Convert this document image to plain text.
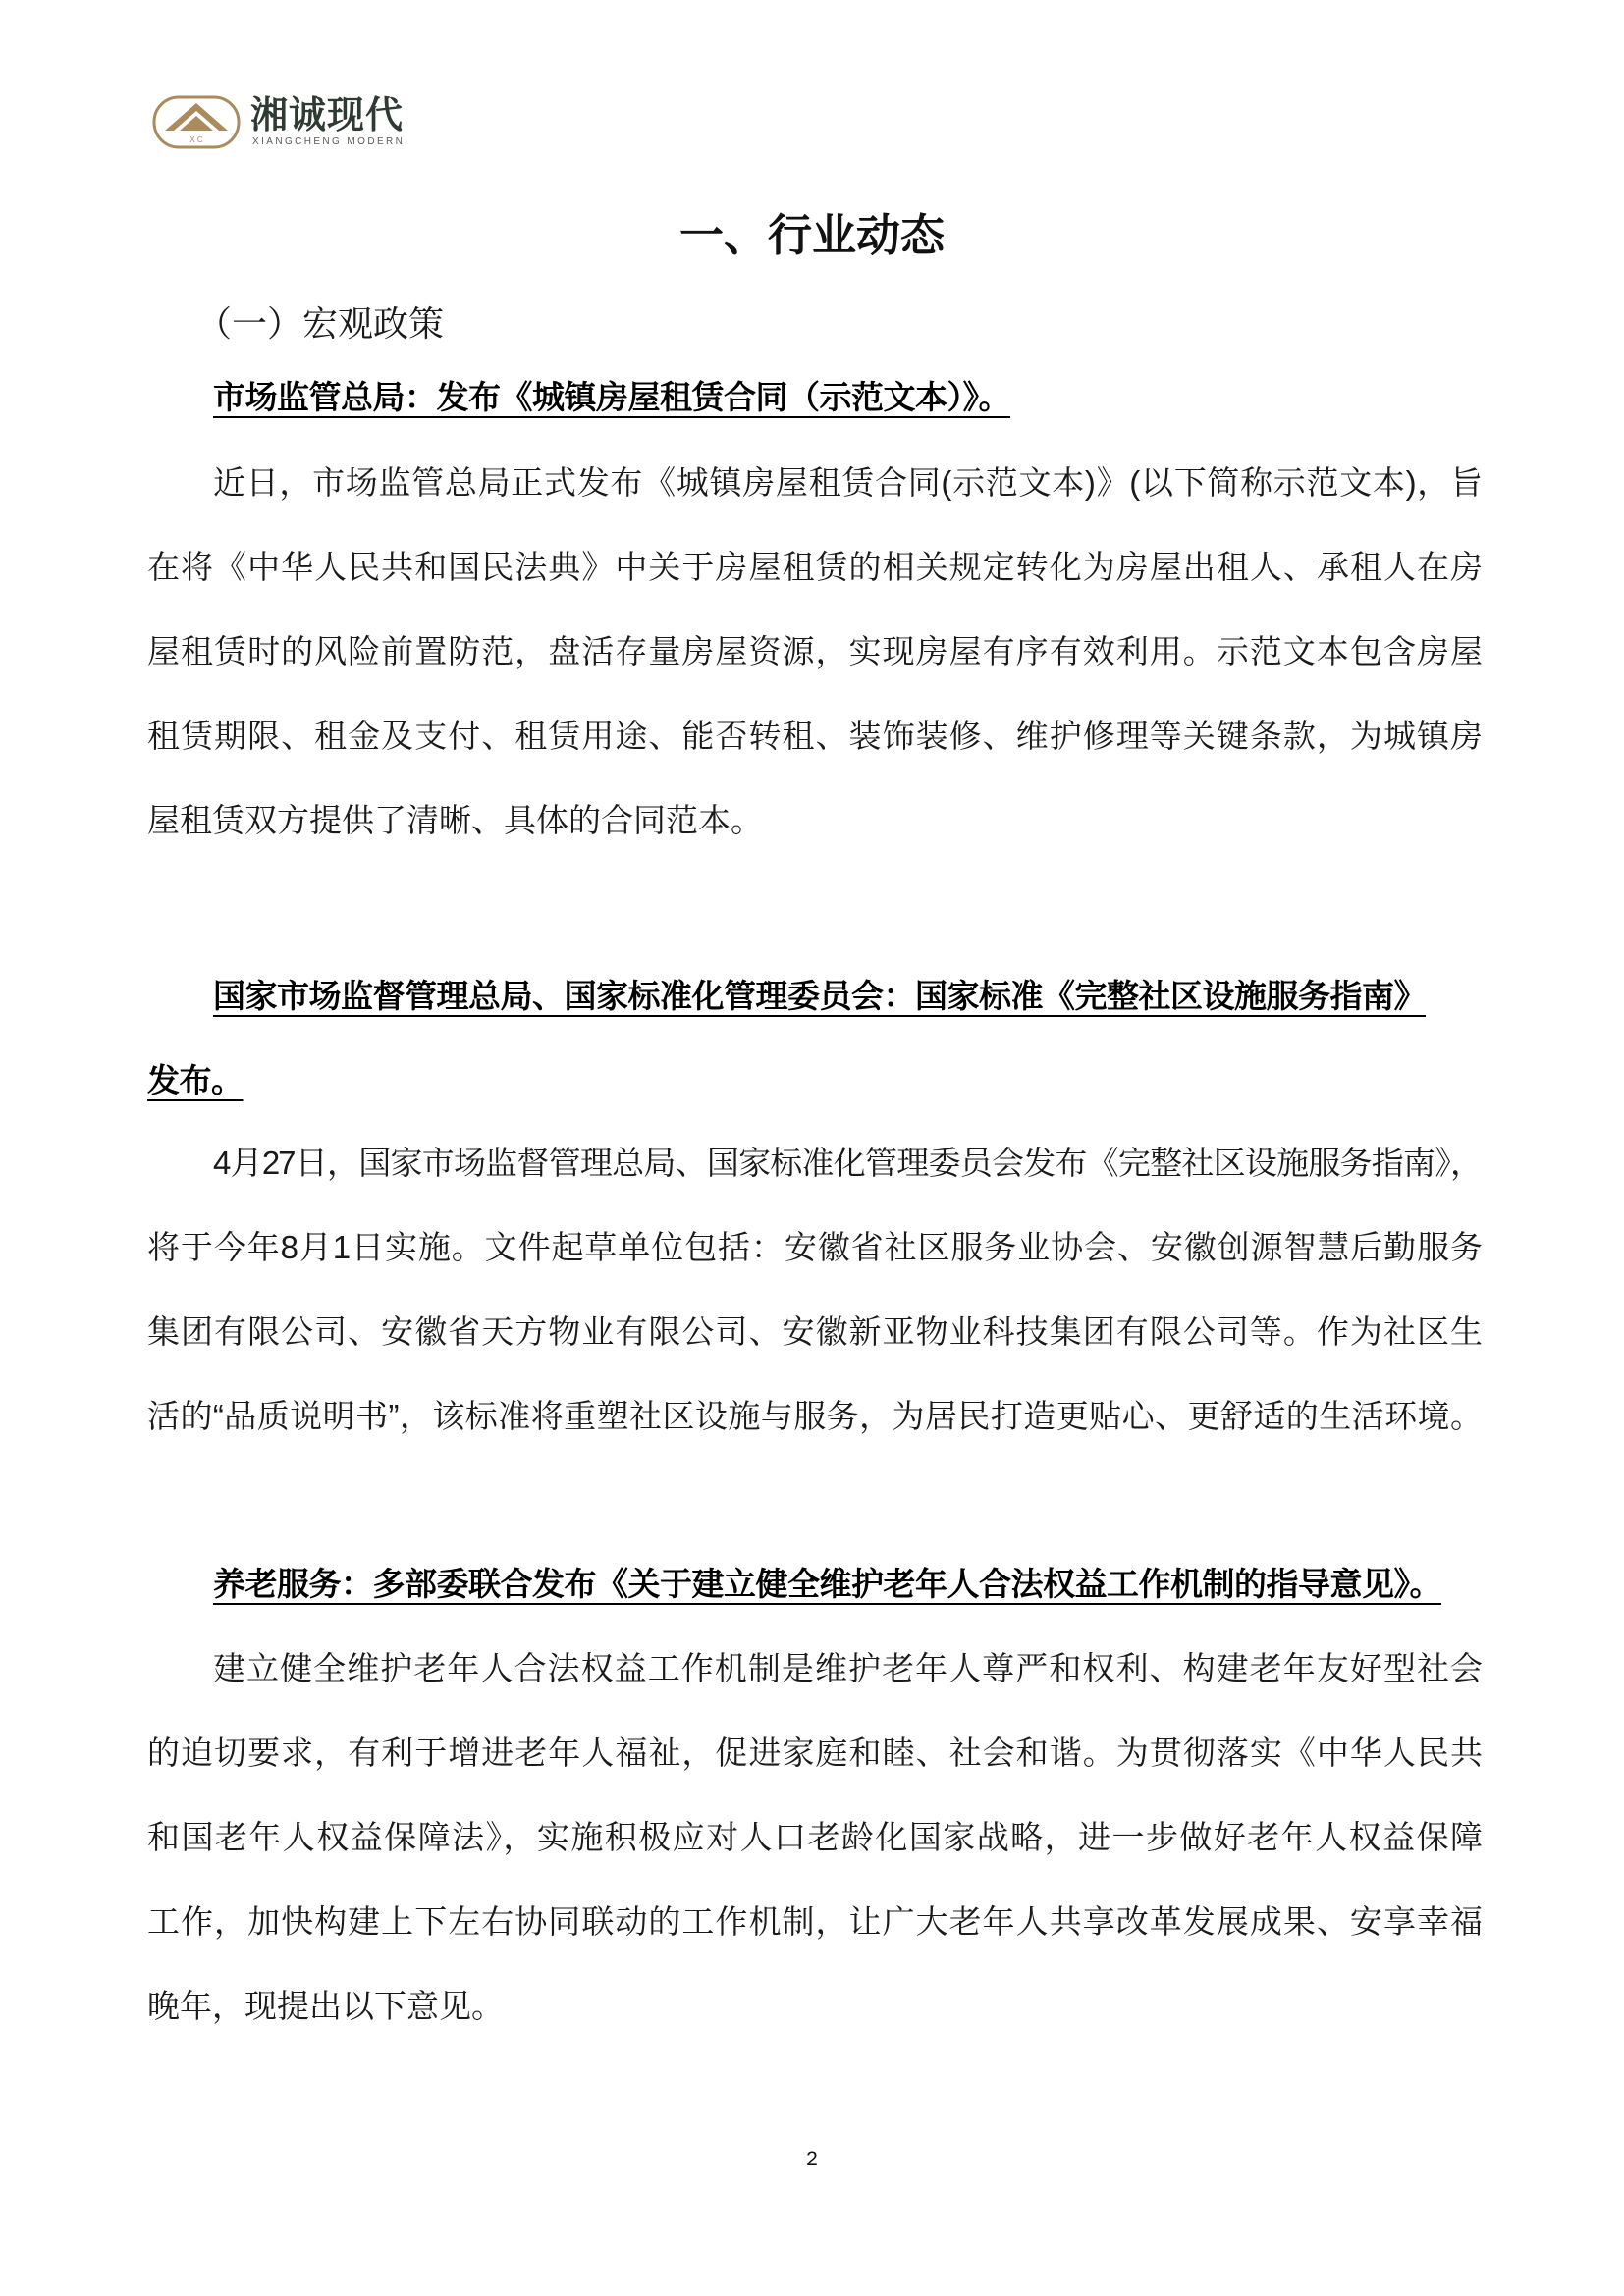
X C
湘诚现代
XIANGCHENG MODERN
一、行业动态
（一）宏观政策
市场监管总局：发布《城镇房屋租赁合同（示范文本）》。
近日，市场监管总局正式发布《城镇房屋租赁合同(示范文本)》(以下简称示范文本)，旨
在将《中华人民共和国民法典》中关于房屋租赁的相关规定转化为房屋出租人、承租人在房
屋租赁时的风险前置防范，盘活存量房屋资源，实现房屋有序有效利用。示范文本包含房屋
租赁期限、租金及支付、租赁用途、能否转租、装饰装修、维护修理等关键条款，为城镇房
屋租赁双方提供了清晰、具体的合同范本。
国家市场监督管理总局、国家标准化管理委员会：国家标准《完整社区设施服务指南》
发布。
4月27日，国家市场监督管理总局、国家标准化管理委员会发布《完整社区设施服务指南》，
将于今年8月1日实施。文件起草单位包括：安徽省社区服务业协会、安徽创源智慧后勤服务
集团有限公司、安徽省天方物业有限公司、安徽新亚物业科技集团有限公司等。作为社区生
活的“品质说明书”，该标准将重塑社区设施与服务，为居民打造更贴心、更舒适的生活环境。
养老服务：多部委联合发布《关于建立健全维护老年人合法权益工作机制的指导意见》。
建立健全维护老年人合法权益工作机制是维护老年人尊严和权利、构建老年友好型社会
的迫切要求，有利于增进老年人福祉，促进家庭和睦、社会和谐。为贯彻落实《中华人民共
和国老年人权益保障法》，实施积极应对人口老龄化国家战略，进一步做好老年人权益保障
工作，加快构建上下左右协同联动的工作机制，让广大老年人共享改革发展成果、安享幸福
晚年，现提出以下意见。
2
